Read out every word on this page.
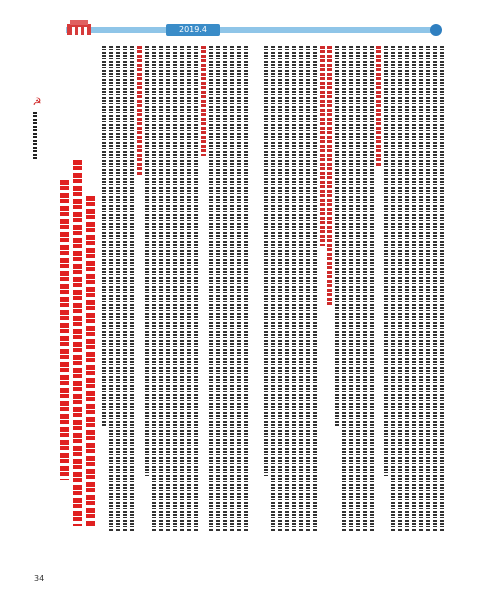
2019.4
☭
34
